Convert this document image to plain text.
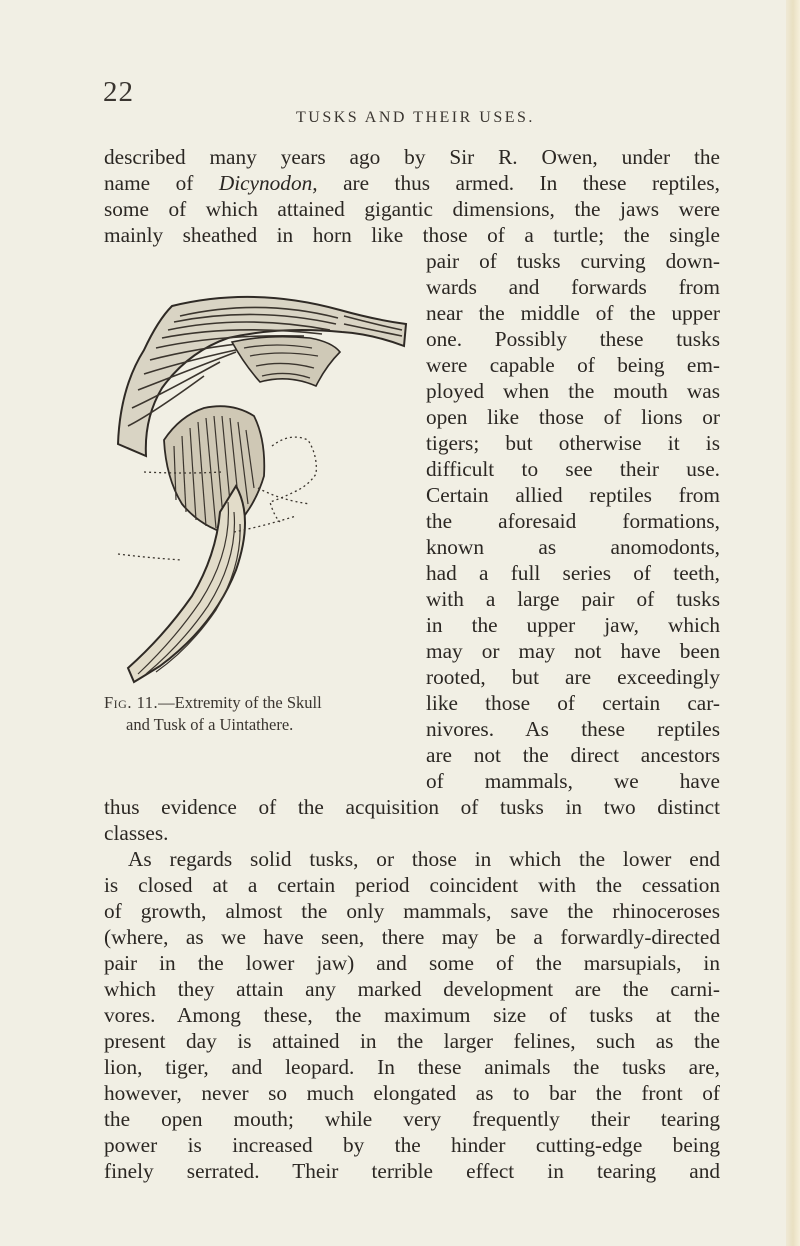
22
TUSKS AND THEIR USES.
described many years ago by Sir R. Owen, under the
name of Dicynodon, are thus armed. In these reptiles,
some of which attained gigantic dimensions, the jaws were
mainly sheathed in horn like those of a turtle; the single
pair of tusks curving down-
wards and forwards from
near the middle of the upper
one. Possibly these tusks
were capable of being em-
ployed when the mouth was
open like those of lions or
tigers; but otherwise it is
difficult to see their use.
Certain allied reptiles from
the aforesaid formations,
known as anomodonts,
had a full series of teeth,
with a large pair of tusks
in the upper jaw, which
may or may not have been
rooted, but are exceedingly
like those of certain car-
nivores. As these reptiles
are not the direct ancestors
of mammals, we have
Fig. 11.—Extremity of the Skull
and Tusk of a Uintathere.
thus evidence of the acquisition of tusks in two distinct
classes.
As regards solid tusks, or those in which the lower end
is closed at a certain period coincident with the cessation
of growth, almost the only mammals, save the rhinoceroses
(where, as we have seen, there may be a forwardly-directed
pair in the lower jaw) and some of the marsupials, in
which they attain any marked development are the carni-
vores. Among these, the maximum size of tusks at the
present day is attained in the larger felines, such as the
lion, tiger, and leopard. In these animals the tusks are,
however, never so much elongated as to bar the front of
the open mouth; while very frequently their tearing
power is increased by the hinder cutting-edge being
finely serrated. Their terrible effect in tearing and
